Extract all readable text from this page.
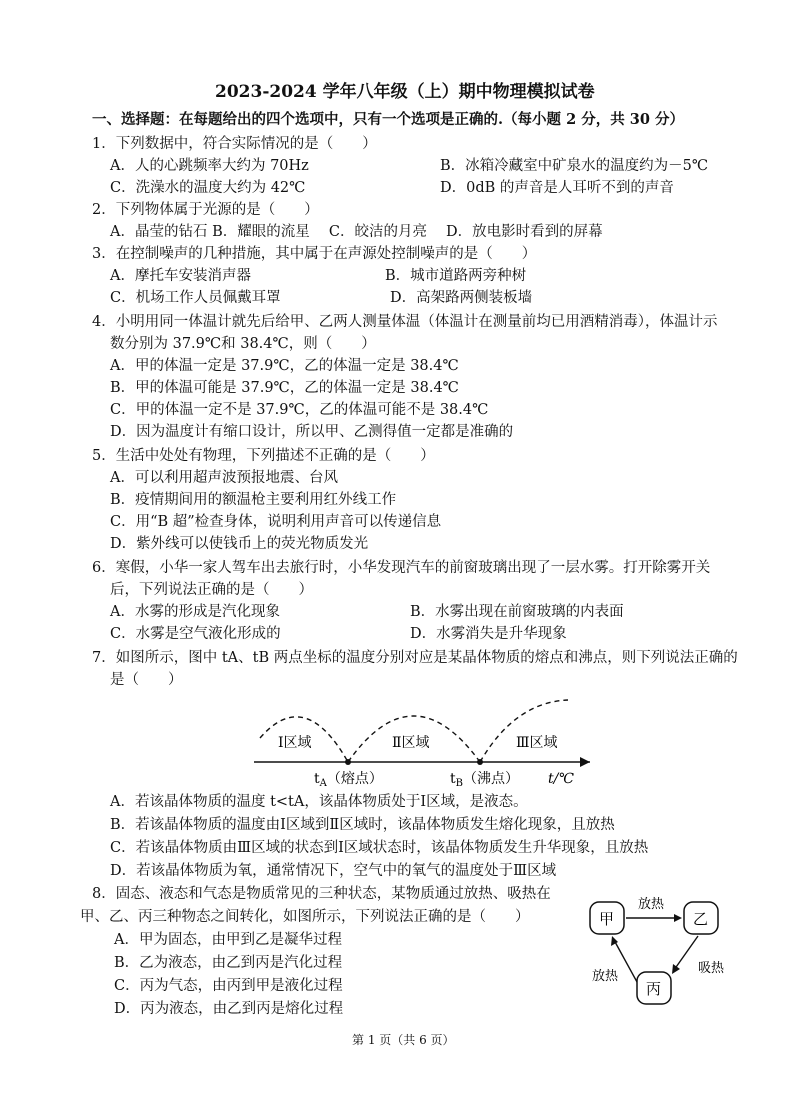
2023-2024 学年八年级（上）期中物理模拟试卷
一、选择题：在每题给出的四个选项中，只有一个选项是正确的.（每小题 2 分，共 30 分）
1．下列数据中，符合实际情况的是（　　）
A．人的心跳频率大约为 70Hz	B．冰箱冷藏室中矿泉水的温度约为－5℃
C．洗澡水的温度大约为 42℃	D．0dB 的声音是人耳听不到的声音
2．下列物体属于光源的是（　　）
A．晶莹的钻石 B．耀眼的流星　 C．皎洁的月亮　 D．放电影时看到的屏幕
3．在控制噪声的几种措施，其中属于在声源处控制噪声的是（　　）
A．摩托车安装消声器	B．城市道路两旁种树
C．机场工作人员佩戴耳罩	D．高架路两侧装板墙
4．小明用同一体温计就先后给甲、乙两人测量体温（体温计在测量前均已用酒精消毒），体温计示
数分别为 37.9℃和 38.4℃，则（　　）
A．甲的体温一定是 37.9℃，乙的体温一定是 38.4℃
B．甲的体温可能是 37.9℃，乙的体温一定是 38.4℃
C．甲的体温一定不是 37.9℃，乙的体温可能不是 38.4℃
D．因为温度计有缩口设计，所以甲、乙测得值一定都是准确的
5．生活中处处有物理，下列描述不正确的是（　　）
A．可以利用超声波预报地震、台风
B．疫情期间用的额温枪主要利用红外线工作
C．用“B 超”检查身体，说明利用声音可以传递信息
D．紫外线可以使钱币上的荧光物质发光
6．寒假，小华一家人驾车出去旅行时，小华发现汽车的前窗玻璃出现了一层水雾。打开除雾开关
后，下列说法正确的是（　　）
A．水雾的形成是汽化现象	B．水雾出现在前窗玻璃的内表面
C．水雾是空气液化形成的	D．水雾消失是升华现象
7．如图所示，图中 tA、tB 两点坐标的温度分别对应是某晶体物质的熔点和沸点，则下列说法正确的
是（　　）
Ⅰ区域	Ⅱ区域	Ⅲ区域
$t_A$（熔点）	$t_B$（沸点） t/℃
A．若该晶体物质的温度 t<tA，该晶体物质处于Ⅰ区域，是液态。
B．若该晶体物质的温度由Ⅰ区域到Ⅱ区域时，该晶体物质发生熔化现象，且放热
C．若该晶体物质由Ⅲ区域的状态到Ⅰ区域状态时，该晶体物质发生升华现象，且放热
D．若该晶体物质为氧，通常情况下，空气中的氧气的温度处于Ⅲ区域
8．固态、液态和气态是物质常见的三种状态，某物质通过放热、吸热在
甲、乙、丙三种物态之间转化，如图所示，下列说法正确的是（　　）
A．甲为固态，由甲到乙是凝华过程
B．乙为液态，由乙到丙是汽化过程
C．丙为气态，由丙到甲是液化过程
D．丙为液态，由乙到丙是熔化过程
甲	乙
丙
放热
吸热
放热
第 1 页（共 6 页）
